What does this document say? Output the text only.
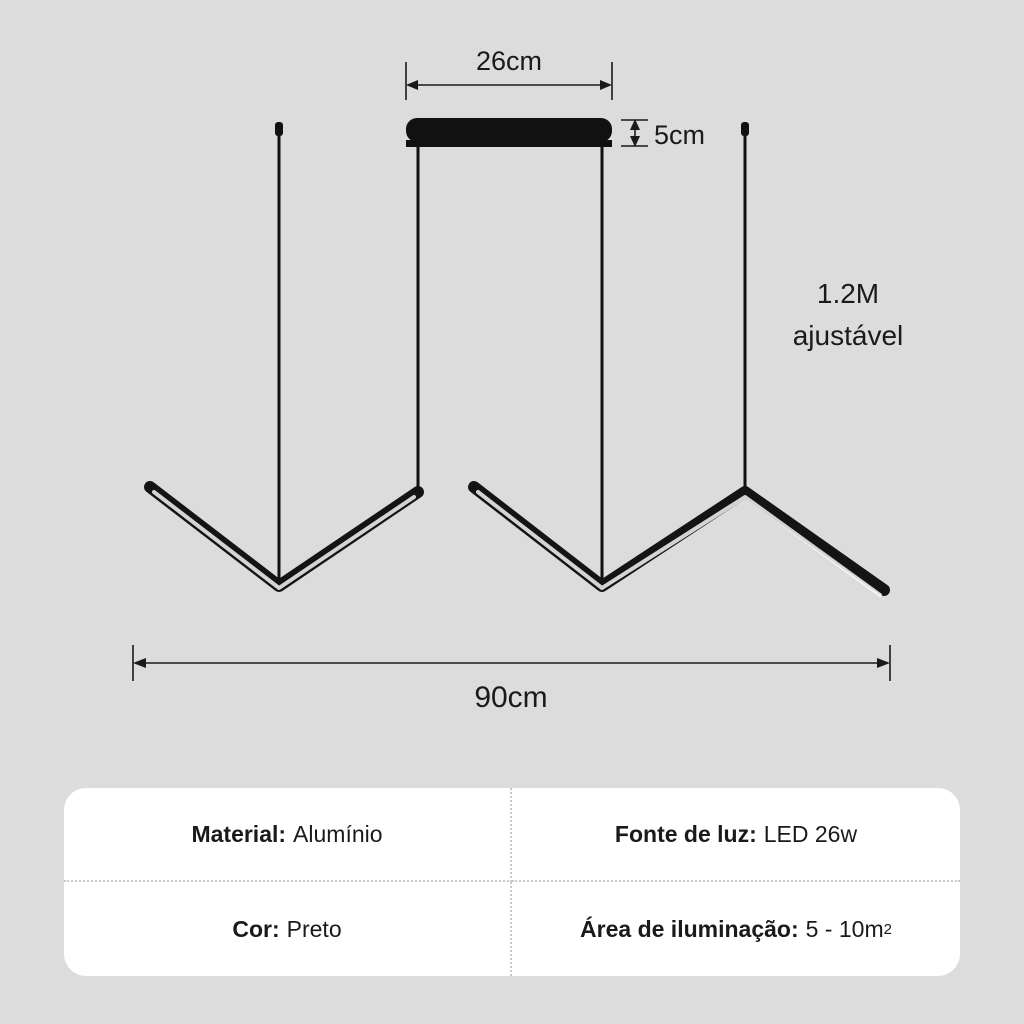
26cm
5cm
1.2M
ajustável
90cm
Material: Alumínio	Fonte de luz: LED 26w
Cor: Preto	Área de iluminação: 5 - 10m 2
